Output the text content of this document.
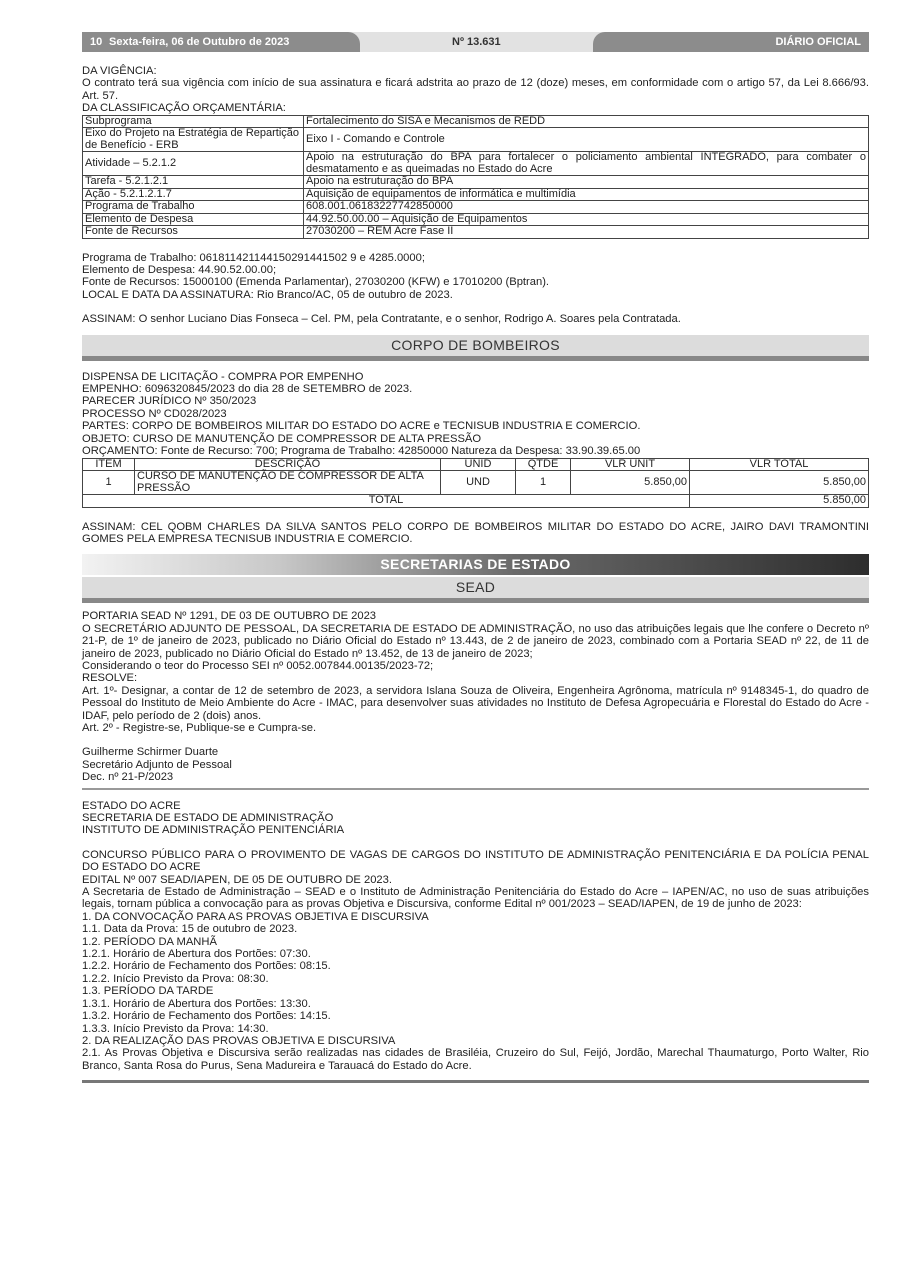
10 Sexta-feira, 06 de Outubro de 2023	Nº 13.631	DIÁRIO OFICIAL

DA VIGÊNCIA:

O contrato terá sua vigência com início de sua assinatura e ficará adstrita ao prazo de 12 (doze) meses, em conformidade com o artigo 57, da Lei 8.666/93. Art. 57.

DA CLASSIFICAÇÃO ORÇAMENTÁRIA:

Subprograma	Fortalecimento do SISA e Mecanismos de REDD
Eixo do Projeto na Estratégia de Repartição de Benefício - ERB	Eixo I - Comando e Controle
Atividade – 5.2.1.2	Apoio na estruturação do BPA para fortalecer o policiamento ambiental INTEGRADO, para combater o desmatamento e as queimadas no Estado do Acre
Tarefa - 5.2.1.2.1	Apoio na estruturação do BPA
Ação - 5.2.1.2.1.7	Aquisição de equipamentos de informática e multimídia
Programa de Trabalho	608.001.06183227742850000
Elemento de Despesa	44.92.50.00.00 – Aquisição de Equipamentos
Fonte de Recursos	27030200 – REM Acre Fase II

Programa de Trabalho: 061811421144150291441502 9 e 4285.0000;

Elemento de Despesa: 44.90.52.00.00;

Fonte de Recursos: 15000100 (Emenda Parlamentar), 27030200 (KFW) e 17010200 (Bptran).

LOCAL E DATA DA ASSINATURA: Rio Branco/AC, 05 de outubro de 2023.

ASSINAM: O senhor Luciano Dias Fonseca – Cel. PM, pela Contratante, e o senhor, Rodrigo A. Soares pela Contratada.

CORPO DE BOMBEIROS

DISPENSA DE LICITAÇÃO - COMPRA POR EMPENHO

EMPENHO: 6096320845/2023 do dia 28 de SETEMBRO de 2023.

PARECER JURÍDICO Nº 350/2023

PROCESSO Nº CD028/2023

PARTES: CORPO DE BOMBEIROS MILITAR DO ESTADO DO ACRE e TECNISUB INDUSTRIA E COMERCIO.

OBJETO: CURSO DE MANUTENÇÃO DE COMPRESSOR DE ALTA PRESSÃO

ORÇAMENTO: Fonte de Recurso: 700; Programa de Trabalho: 42850000 Natureza da Despesa: 33.90.39.65.00

ITEM	DESCRIÇÃO	UNID	QTDE	VLR UNIT	VLR TOTAL
1	CURSO DE MANUTENÇÃO DE COMPRESSOR DE ALTA PRESSÃO	UND	1	5.850,00	5.850,00
TOTAL					5.850,00

ASSINAM: CEL QOBM CHARLES DA SILVA SANTOS PELO CORPO DE BOMBEIROS MILITAR DO ESTADO DO ACRE, JAIRO DAVI TRAMONTINI GOMES PELA EMPRESA TECNISUB INDUSTRIA E COMERCIO.

SECRETARIAS DE ESTADO
SEAD

PORTARIA SEAD Nº 1291, DE 03 DE OUTUBRO DE 2023

O SECRETÁRIO ADJUNTO DE PESSOAL, DA SECRETARIA DE ESTADO DE ADMINISTRAÇÃO, no uso das atribuições legais que lhe confere o Decreto nº 21-P, de 1º de janeiro de 2023, publicado no Diário Oficial do Estado nº 13.443, de 2 de janeiro de 2023, combinado com a Portaria SEAD nº 22, de 11 de janeiro de 2023, publicado no Diário Oficial do Estado nº 13.452, de 13 de janeiro de 2023;

Considerando o teor do Processo SEI nº 0052.007844.00135/2023-72;

RESOLVE:

Art. 1º- Designar, a contar de 12 de setembro de 2023, a servidora Islana Souza de Oliveira, Engenheira Agrônoma, matrícula nº 9148345-1, do quadro de Pessoal do Instituto de Meio Ambiente do Acre - IMAC, para desenvolver suas atividades no Instituto de Defesa Agropecuária e Florestal do Estado do Acre - IDAF, pelo período de 2 (dois) anos.

Art. 2º - Registre-se, Publique-se e Cumpra-se.

Guilherme Schirmer Duarte

Secretário Adjunto de Pessoal

Dec. nº 21-P/2023

ESTADO DO ACRE

SECRETARIA DE ESTADO DE ADMINISTRAÇÃO

INSTITUTO DE ADMINISTRAÇÃO PENITENCIÁRIA

CONCURSO PÚBLICO PARA O PROVIMENTO DE VAGAS DE CARGOS DO INSTITUTO DE ADMINISTRAÇÃO PENITENCIÁRIA E DA POLÍCIA PENAL DO ESTADO DO ACRE

EDITAL Nº 007 SEAD/IAPEN, DE 05 DE OUTUBRO DE 2023.

A Secretaria de Estado de Administração – SEAD e o Instituto de Administração Penitenciária do Estado do Acre – IAPEN/AC, no uso de suas atribuições legais, tornam pública a convocação para as provas Objetiva e Discursiva, conforme Edital nº 001/2023 – SEAD/IAPEN, de 19 de junho de 2023:

1. DA CONVOCAÇÃO PARA AS PROVAS OBJETIVA E DISCURSIVA

1.1. Data da Prova: 15 de outubro de 2023.

1.2. PERÍODO DA MANHÃ

1.2.1. Horário de Abertura dos Portões: 07:30.

1.2.2. Horário de Fechamento dos Portões: 08:15.

1.2.2. Início Previsto da Prova: 08:30.

1.3. PERÍODO DA TARDE

1.3.1. Horário de Abertura dos Portões: 13:30.

1.3.2. Horário de Fechamento dos Portões: 14:15.

1.3.3. Início Previsto da Prova: 14:30.

2. DA REALIZAÇÃO DAS PROVAS OBJETIVA E DISCURSIVA

2.1. As Provas Objetiva e Discursiva serão realizadas nas cidades de Brasiléia, Cruzeiro do Sul, Feijó, Jordão, Marechal Thaumaturgo, Porto Walter, Rio Branco, Santa Rosa do Purus, Sena Madureira e Tarauacá do Estado do Acre.
